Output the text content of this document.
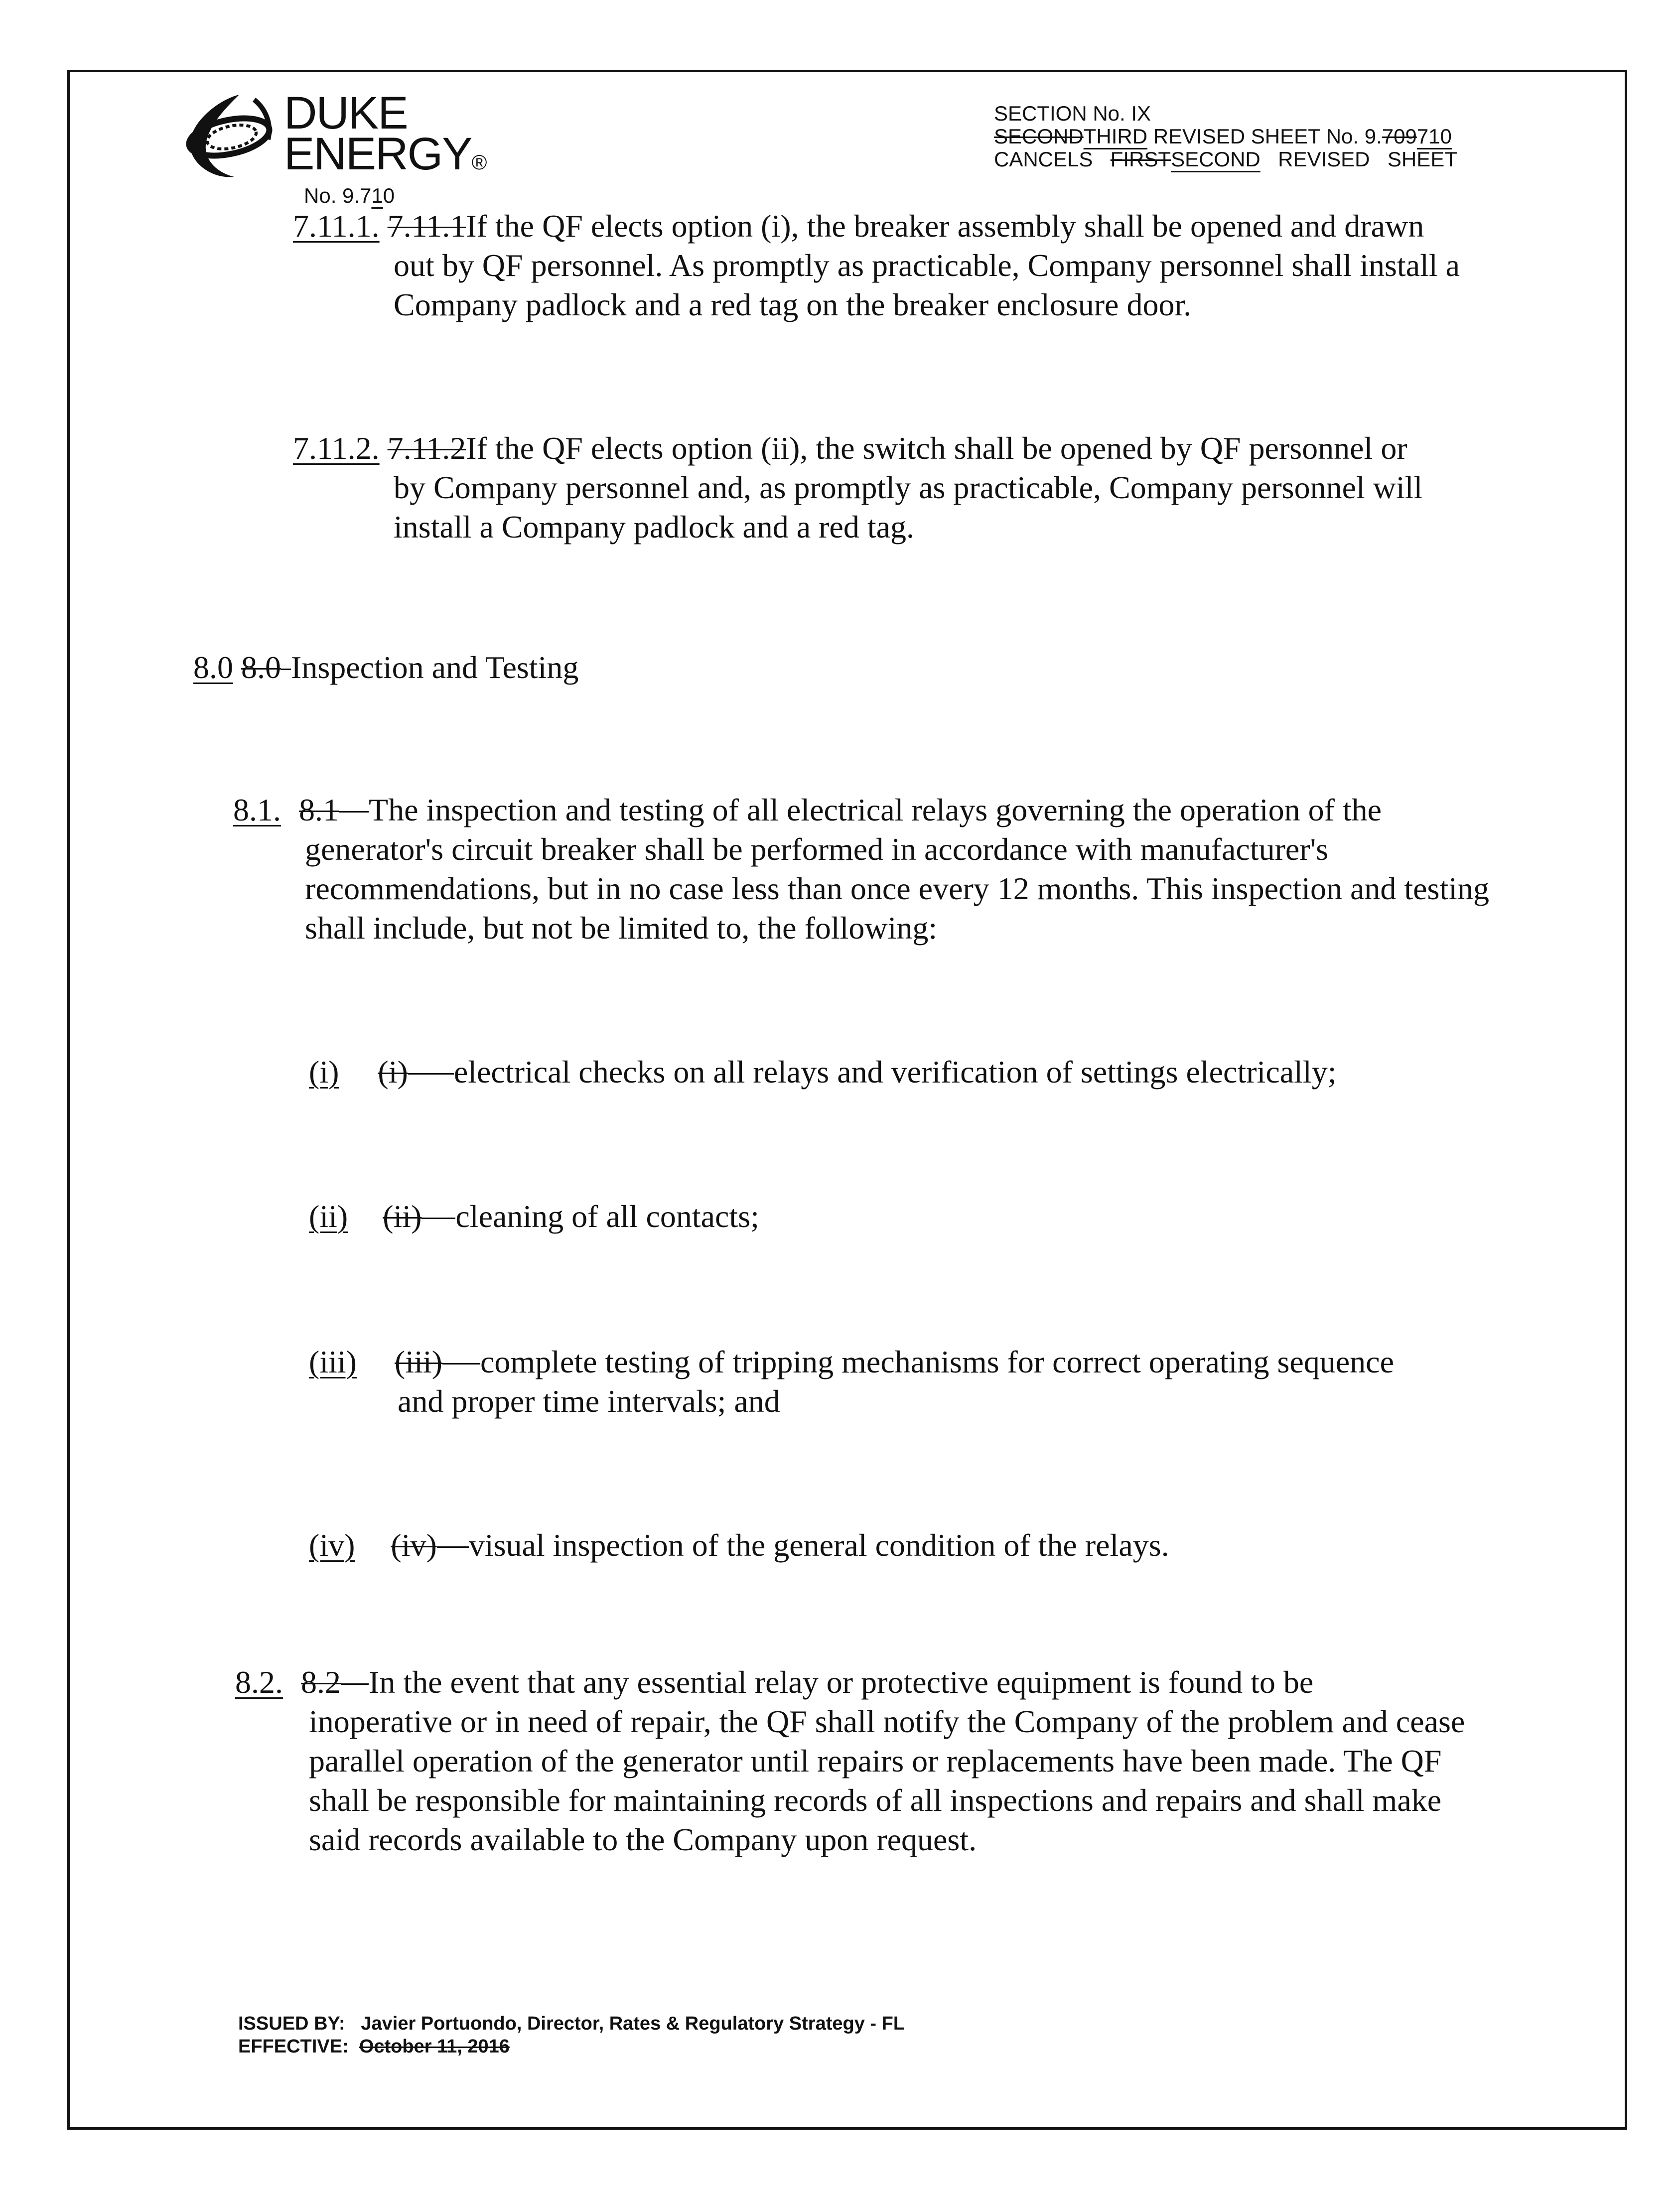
DUKE
ENERGY®
No. 9.710
SECTION No. IX
SECONDTHIRD REVISED SHEET No. 9.709710
CANCELS FIRSTSECOND REVISED  SHEET
7.11.1. 7.11.1If the QF elects option (i), the breaker assembly shall be opened and drawn
out by QF personnel. As promptly as practicable, Company personnel shall install a Company padlock and a red tag on the breaker enclosure door.
7.11.2. 7.11.2If the QF elects option (ii), the switch shall be opened by QF personnel or
by Company personnel and, as promptly as practicable, Company personnel will install a Company padlock and a red tag.
8.0 8.0 Inspection and Testing
8.1. 8.1 The inspection and testing of all electrical relays governing the operation of the
generator's circuit breaker shall be performed in accordance with manufacturer's recommendations, but in no case less than once every 12 months. This inspection and testing shall include, but not be limited to, the following:
(i) (i) electrical checks on all relays and verification of settings electrically;
(ii) (ii) cleaning of all contacts;
(iii) (iii) complete testing of tripping mechanisms for correct operating sequence
and proper time intervals; and
(iv) (iv) visual inspection of the general condition of the relays.
8.2. 8.2 In the event that any essential relay or protective equipment is found to be
inoperative or in need of repair, the QF shall notify the Company of the problem and cease parallel operation of the generator until repairs or replacements have been made. The QF shall be responsible for maintaining records of all inspections and repairs and shall make said records available to the Company upon request.
ISSUED BY: Javier Portuondo, Director, Rates & Regulatory Strategy - FL
EFFECTIVE: October 11, 2016
